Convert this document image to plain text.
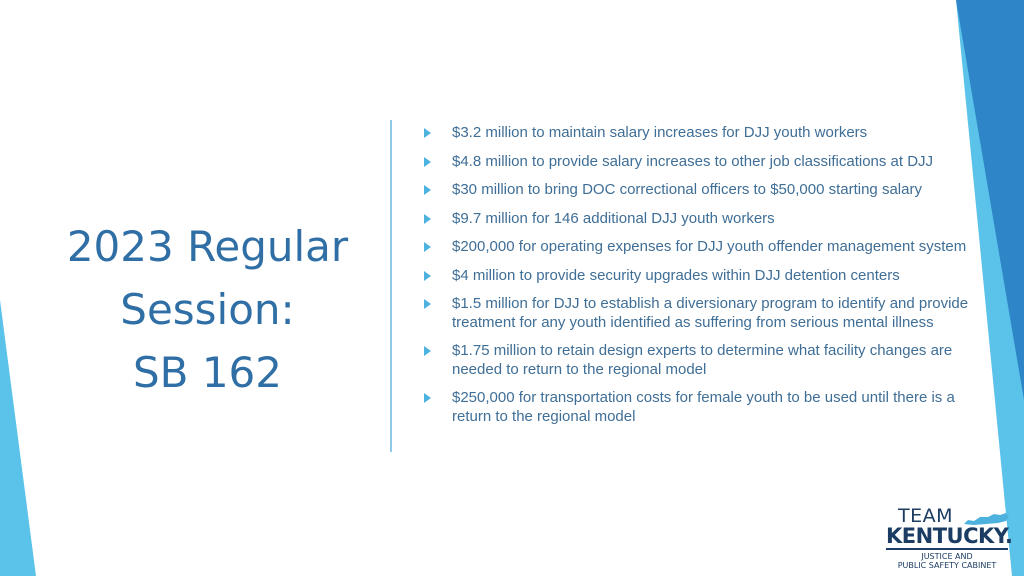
2023 Regular
Session:
SB 162
$3.2 million to maintain salary increases for DJJ youth workers
$4.8 million to provide salary increases to other job classifications at DJJ
$30 million to bring DOC correctional officers to $50,000 starting salary
$9.7 million for 146 additional DJJ youth workers
$200,000 for operating expenses for DJJ youth offender management system
$4 million to provide security upgrades within DJJ detention centers
$1.5 million for DJJ to establish a diversionary program to identify and provide treatment for any youth identified as suffering from serious mental illness
$1.75 million to retain design experts to determine what facility changes are needed to return to the regional model
$250,000 for transportation costs for female youth to be used until there is a return to the regional model
TEAM
KENTUCKY.
JUSTICE AND
PUBLIC SAFETY CABINET
